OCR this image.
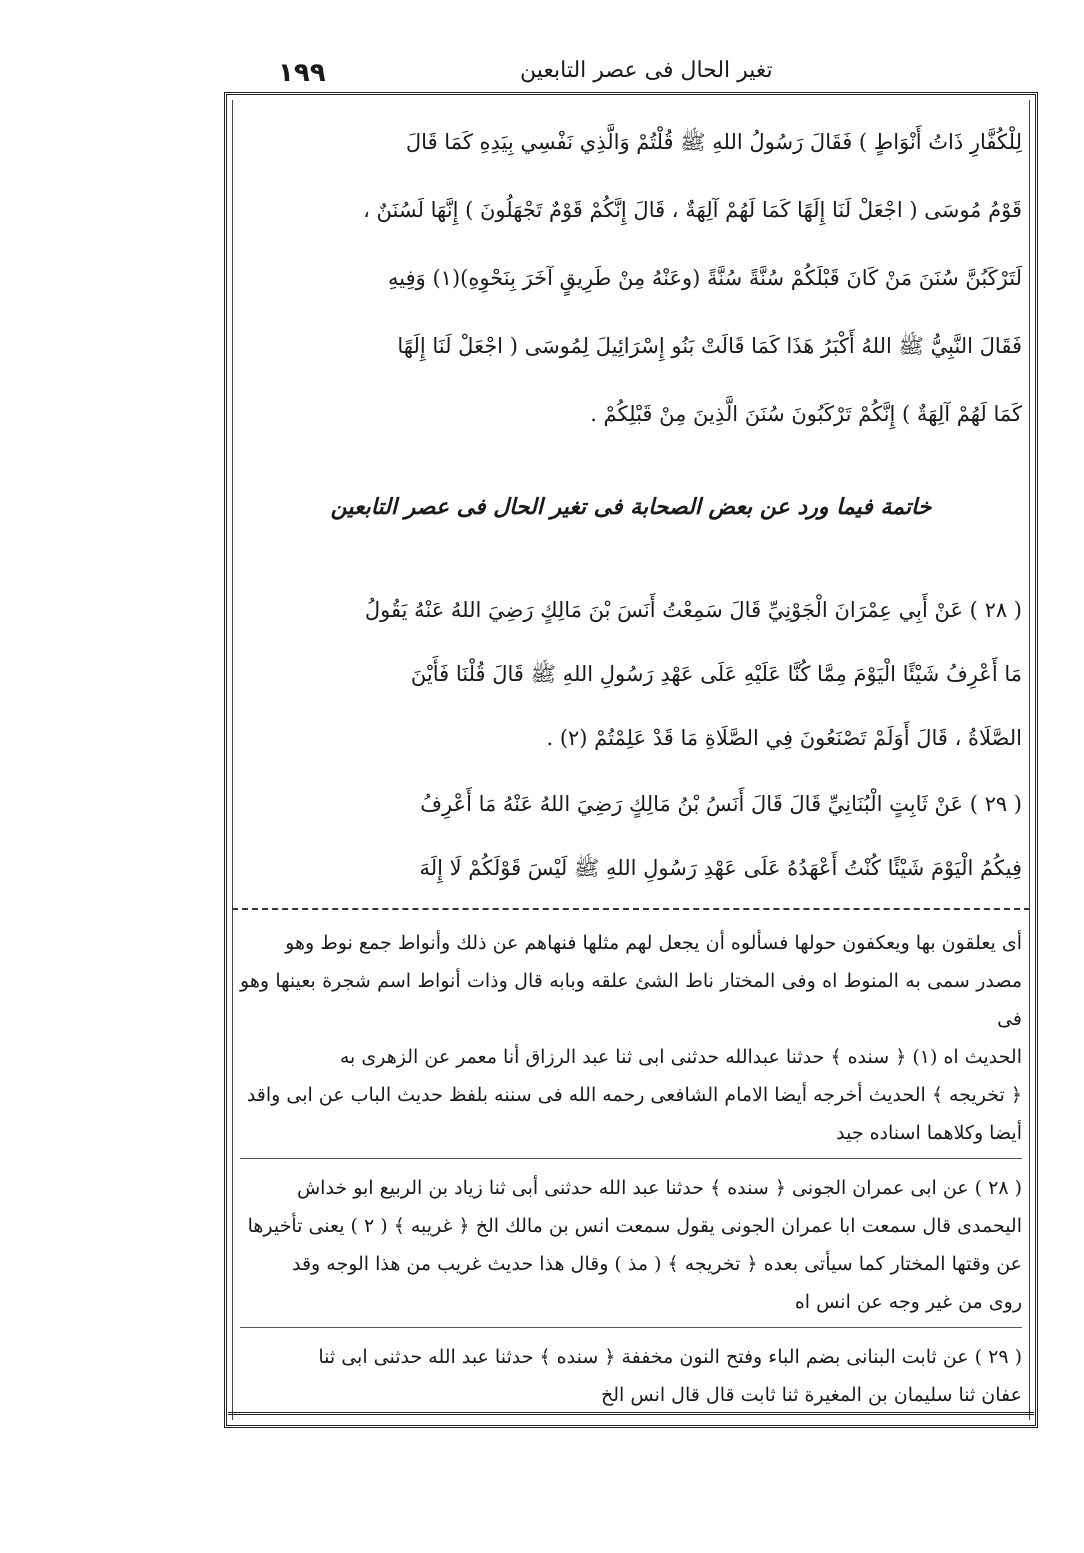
١٩٩	تغير الحال فى عصر التابعين

لِلْكُفَّارِ ذَاتُ أَنْوَاطٍ ) فَقَالَ رَسُولُ اللهِ ﷺ قُلْتُمْ وَالَّذِي نَفْسِي بِيَدِهِ كَمَا قَالَ

قَوْمُ مُوسَى ( اجْعَلْ لَنَا إِلَهًا كَمَا لَهُمْ آلِهَةٌ ، قَالَ إِنَّكُمْ قَوْمٌ تَجْهَلُونَ ) إِنَّهَا لَسُنَنٌ ،

لَتَرْكَبُنَّ سُنَنَ مَنْ كَانَ قَبْلَكُمْ سُنَّةً سُنَّةً (وعَنْهُ مِنْ طَرِيقٍ آخَرَ بِنَحْوِهِ)(١) وَفِيهِ

فَقَالَ النَّبِيُّ ﷺ اللهُ أَكْبَرُ هَذَا كَمَا قَالَتْ بَنُو إِسْرَائِيلَ لِمُوسَى ( اجْعَلْ لَنَا إِلَهًا

كَمَا لَهُمْ آلِهَةٌ ) إِنَّكُمْ تَرْكَبُونَ سُنَنَ الَّذِينَ مِنْ قَبْلِكُمْ .

خاتمة فيما ورد عن بعض الصحابة فى تغير الحال فى عصر التابعين

( ٢٨ ) عَنْ أَبِي عِمْرَانَ الْجَوْنِيِّ قَالَ سَمِعْتُ أَنَسَ بْنَ مَالِكٍ رَضِيَ اللهُ عَنْهُ يَقُولُ

مَا أَعْرِفُ شَيْئًا الْيَوْمَ مِمَّا كُنَّا عَلَيْهِ عَلَى عَهْدِ رَسُولِ اللهِ ﷺ قَالَ قُلْنَا فَأَيْنَ

الصَّلَاةُ ، قَالَ أَوَلَمْ تَصْنَعُونَ فِي الصَّلَاةِ مَا قَدْ عَلِمْتُمْ (٢) .

( ٢٩ ) عَنْ ثَابِتٍ الْبُنَانِيِّ قَالَ قَالَ أَنَسُ بْنُ مَالِكٍ رَضِيَ اللهُ عَنْهُ مَا أَعْرِفُ

فِيكُمُ الْيَوْمَ شَيْئًا كُنْتُ أَعْهَدُهُ عَلَى عَهْدِ رَسُولِ اللهِ ﷺ لَيْسَ قَوْلَكُمْ لَا إِلَهَ

أى يعلقون بها ويعكفون حولها فسألوه أن يجعل لهم مثلها فنهاهم عن ذلك وأنواط جمع نوط وهو

مصدر سمى به المنوط اه وفى المختار ناط الشئ علقه وبابه قال وذات أنواط اسم شجرة بعينها وهو فى

الحديث اه (١) ﴿ سنده ﴾ حدثنا عبدالله حدثنى ابى ثنا عبد الرزاق أنا معمر عن الزهرى به

﴿ تخريجه ﴾ الحديث أخرجه أيضا الامام الشافعى رحمه الله فى سننه بلفظ حديث الباب عن ابى واقد

أيضا وكلاهما اسناده جيد

( ٢٨ ) عن ابى عمران الجونى ﴿ سنده ﴾ حدثنا عبد الله حدثنى أبى ثنا زياد بن الربيع ابو خداش

اليحمدى قال سمعت ابا عمران الجونى يقول سمعت انس بن مالك الخ ﴿ غريبه ﴾ ( ٢ ) يعنى تأخيرها

عن وقتها المختار كما سيأتى بعده ﴿ تخريجه ﴾ ( مذ ) وقال هذا حديث غريب من هذا الوجه وقد

روى من غير وجه عن انس اه

( ٢٩ ) عن ثابت البنانى بضم الباء وفتح النون مخففة ﴿ سنده ﴾ حدثنا عبد الله حدثنى ابى ثنا

عفان ثنا سليمان بن المغيرة ثنا ثابت قال قال انس الخ
